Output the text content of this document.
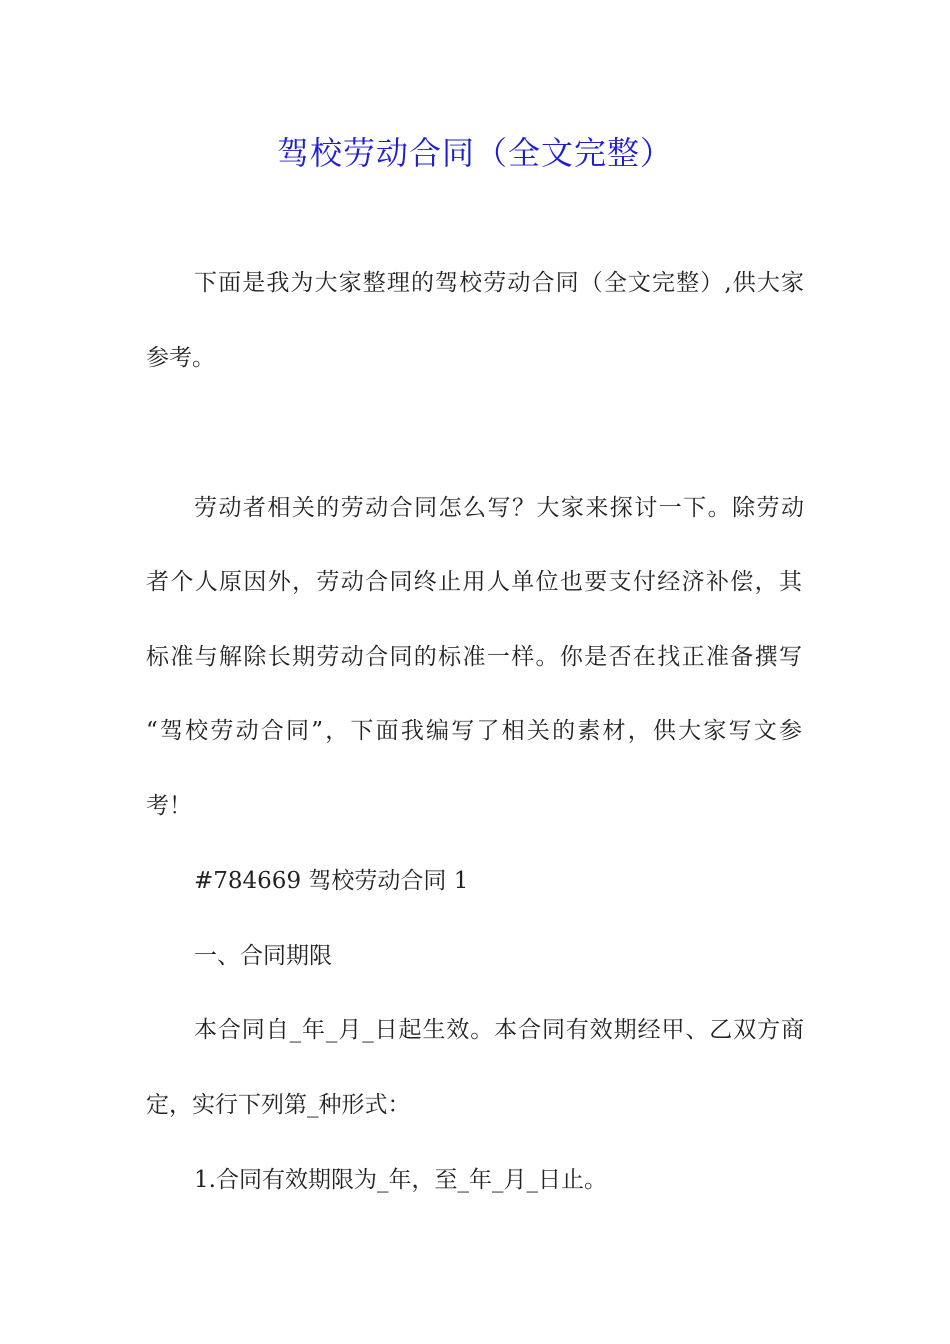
驾校劳动合同（全文完整）
下面是我为大家整理的驾校劳动合同（全文完整）,供大家
参考。
劳动者相关的劳动合同怎么写？大家来探讨一下。除劳动
者个人原因外，劳动合同终止用人单位也要支付经济补偿，其
标准与解除长期劳动合同的标准一样。你是否在找正准备撰写
“驾校劳动合同”，下面我编写了相关的素材，供大家写文参
考！
#784669 驾校劳动合同 1
一、合同期限
本合同自_年_月_日起生效。本合同有效期经甲、乙双方商
定，实行下列第_种形式：
1.合同有效期限为_年，至_年_月_日止。
